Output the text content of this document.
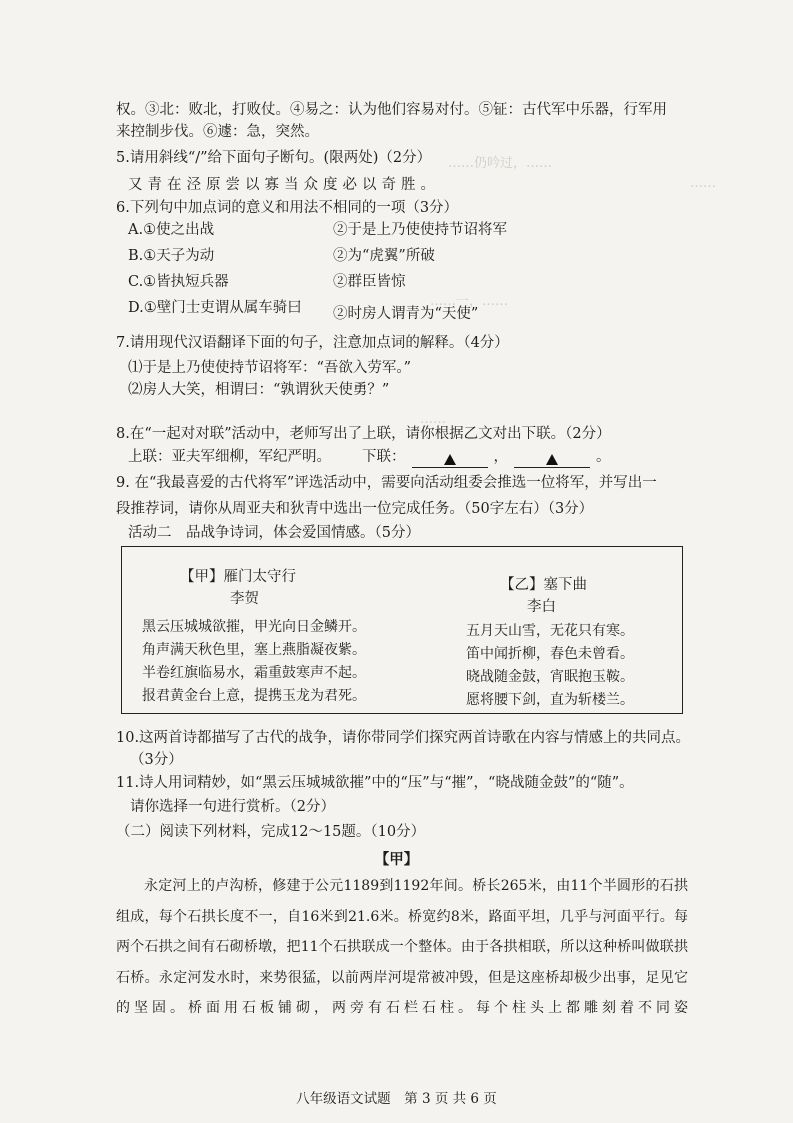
……仍吟过，……
……
……一，……
……
权。③北：败北，打败仗。④易之：认为他们容易对付。⑤钲：古代军中乐器，行军用
来控制步伐。⑥遽：急，突然。
5.请用斜线“/”给下面句子断句。(限两处)（2分）
又青在泾原尝以寡当众度必以奇胜。
6.下列句中加点词的意义和用法不相同的一项（3分）
A.①使之出战	②于是上乃使使持节诏将军
B.①天子为动	②为“虎翼”所破
C.①皆执短兵器	②群臣皆惊
D.①壁门士吏谓从属车骑曰 ②时房人谓青为“天使”
7.请用现代汉语翻译下面的句子，注意加点词的解释。（4分）
⑴于是上乃使使持节诏将军：“吾欲入劳军。”
⑵房人大笑，相谓曰：“孰谓狄天使勇？”
8.在“一起对对联”活动中，老师写出了上联，请你根据乙文对出下联。（2分）
上联：亚夫军细柳，军纪严明。 下联：	，	。
9. 在“我最喜爱的古代将军”评选活动中，需要向活动组委会推选一位将军，并写出一
段推荐词，请你从周亚夫和狄青中选出一位完成任务。（50字左右）（3分）
活动二　品战争诗词，体会爱国情感。（5分）
【甲】雁门太守行
李贺
黑云压城城欲摧，甲光向日金鳞开。
角声满天秋色里，塞上燕脂凝夜紫。
半卷红旗临易水，霜重鼓寒声不起。
报君黄金台上意，提携玉龙为君死。
【乙】塞下曲
李白
五月天山雪，无花只有寒。
笛中闻折柳，春色未曾看。
晓战随金鼓，宵眠抱玉鞍。
愿将腰下剑，直为斩楼兰。
10.这两首诗都描写了古代的战争，请你带同学们探究两首诗歌在内容与情感上的共同点。
（3分）
11.诗人用词精妙，如“黑云压城城欲摧”中的“压”与“摧”，“晓战随金鼓”的“随”。
请你选择一句进行赏析。（2分）
（二）阅读下列材料，完成12～15题。（10分）
【甲】
永定河上的卢沟桥，修建于公元1189到1192年间。桥长265米，由11个半圆形的石拱组成，每个石拱长度不一，自16米到21.6米。桥宽约8米，路面平坦，几乎与河面平行。每两个石拱之间有石砌桥墩，把11个石拱联成一个整体。由于各拱相联，所以这种桥叫做联拱石桥。永定河发水时，来势很猛，以前两岸河堤常被冲毁，但是这座桥却极少出事，足见它的坚固。桥面用石板铺砌，两旁有石栏石柱。每个柱头上都雕刻着不同姿
八年级语文试题　第 3 页 共 6 页
